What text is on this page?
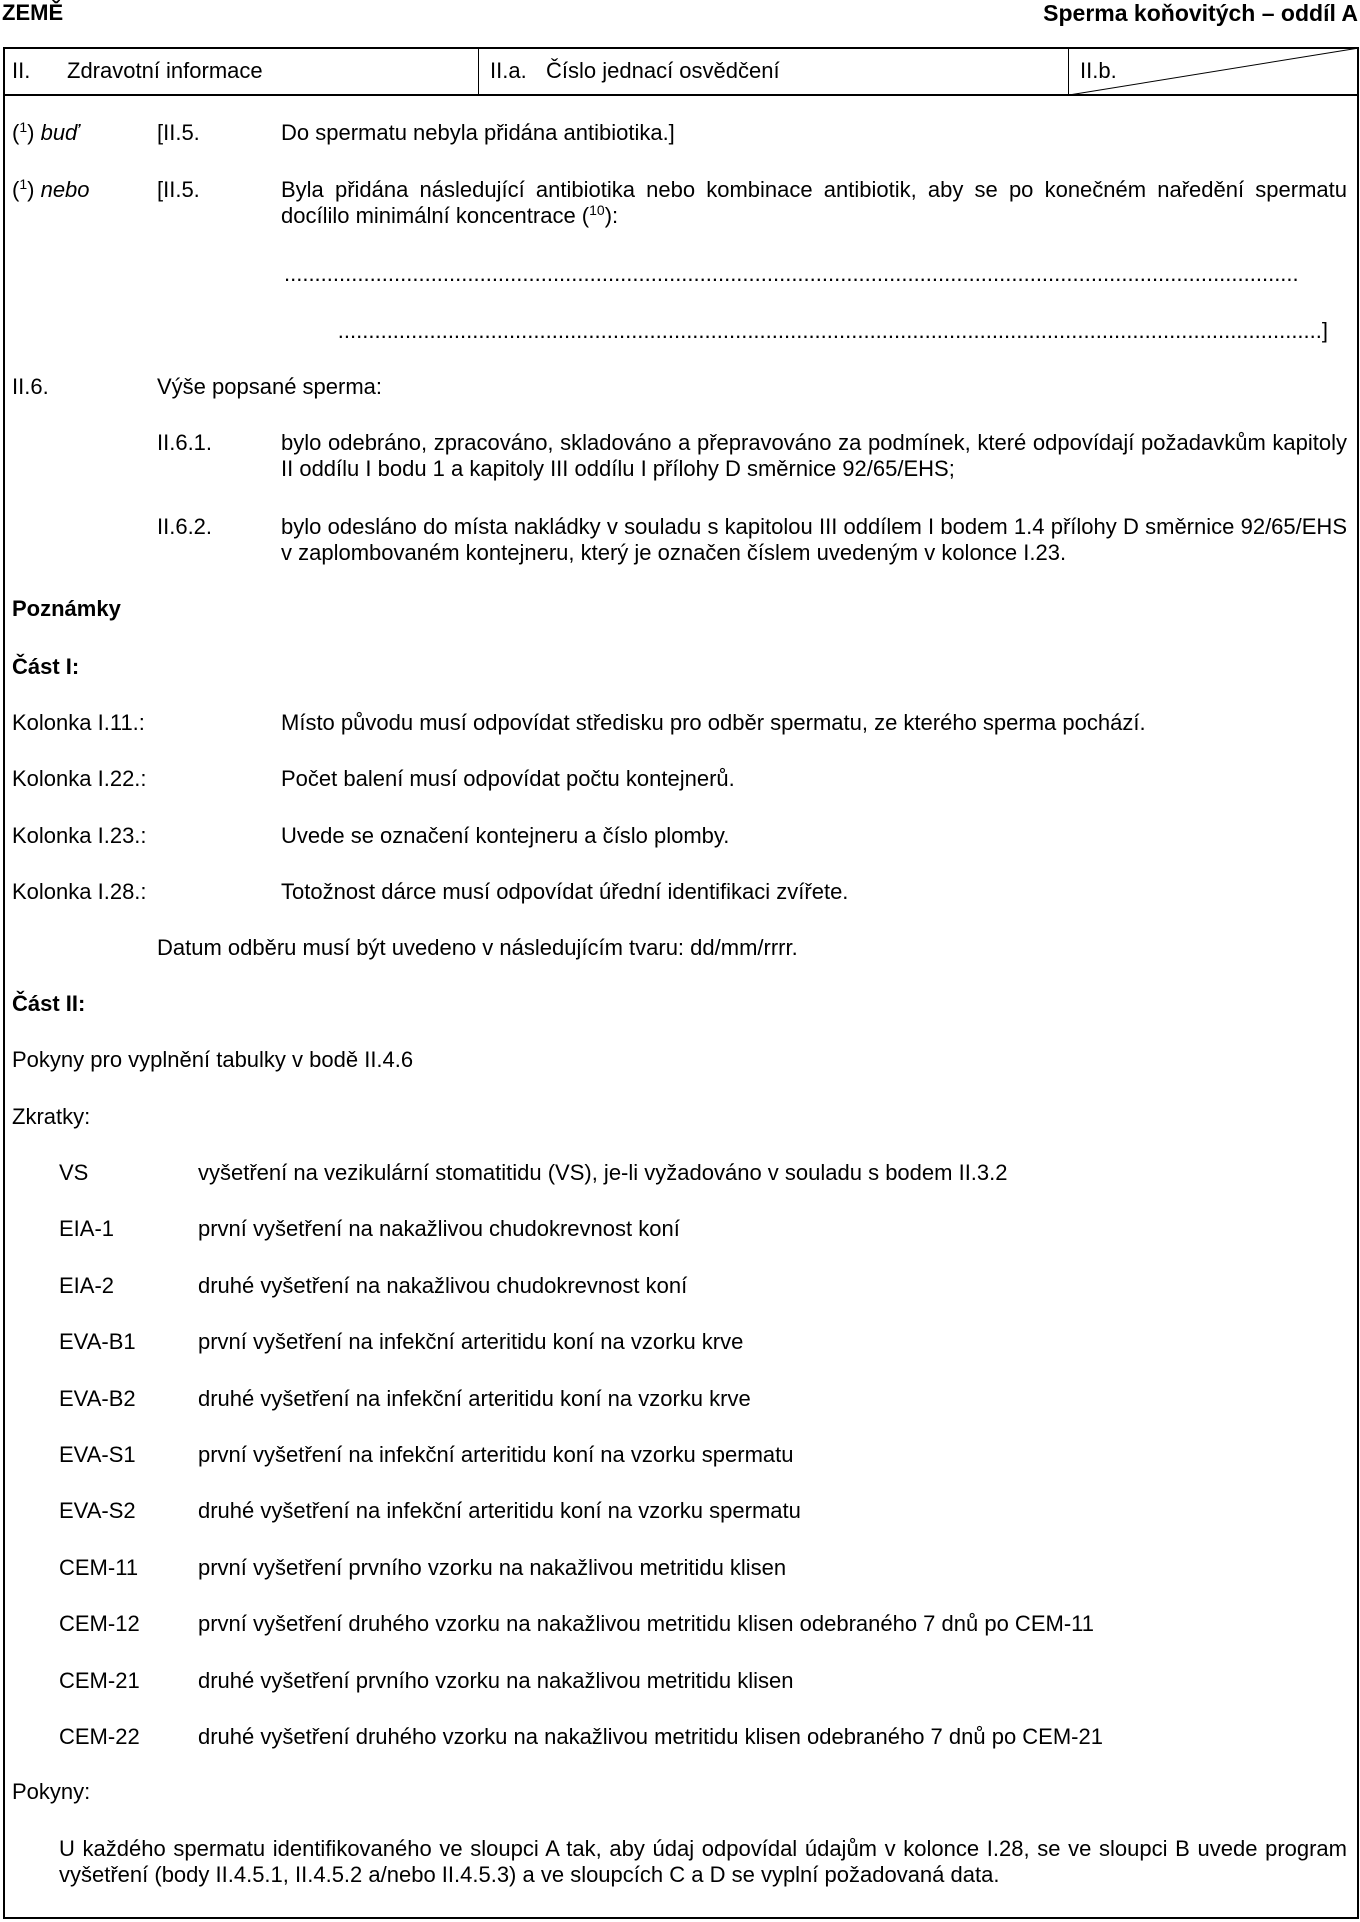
ZEMĚ	Sperma koňovitých – oddíl A
II. Zdravotní informace	II.a. Číslo jednací osvědčení	II.b.
($^1$) buď	[II.5.	Do spermatu nebyla přidána antibiotika.]
($^1$) nebo	[II.5.	Byla přidána následující antibiotika nebo kombinace antibiotik, aby se po konečném naředění spermatu docílilo minimální koncentrace ($^{10}$):
......................................................................................................................................................................
.................................................................................................................................................................]
II.6.	Výše popsané sperma:
II.6.1.	bylo odebráno, zpracováno, skladováno a přepravováno za podmínek, které odpovídají požadavkům kapitoly II oddílu I bodu 1 a kapitoly III oddílu I přílohy D směrnice 92/65/EHS;
II.6.2.	bylo odesláno do místa nakládky v souladu s kapitolou III oddílem I bodem 1.4 přílohy D směrnice 92/65/EHS v zaplombovaném kontejneru, který je označen číslem uvedeným v kolonce I.23.
Poznámky
Část I:
Kolonka I.11.:	Místo původu musí odpovídat středisku pro odběr spermatu, ze kterého sperma pochází.
Kolonka I.22.:	Počet balení musí odpovídat počtu kontejnerů.
Kolonka I.23.:	Uvede se označení kontejneru a číslo plomby.
Kolonka I.28.:	Totožnost dárce musí odpovídat úřední identifikaci zvířete.
Datum odběru musí být uvedeno v následujícím tvaru: dd/mm/rrrr.
Část II:
Pokyny pro vyplnění tabulky v bodě II.4.6
Zkratky:
VS	vyšetření na vezikulární stomatitidu (VS), je-li vyžadováno v souladu s bodem II.3.2
EIA-1	první vyšetření na nakažlivou chudokrevnost koní
EIA-2	druhé vyšetření na nakažlivou chudokrevnost koní
EVA-B1	první vyšetření na infekční arteritidu koní na vzorku krve
EVA-B2	druhé vyšetření na infekční arteritidu koní na vzorku krve
EVA-S1	první vyšetření na infekční arteritidu koní na vzorku spermatu
EVA-S2	druhé vyšetření na infekční arteritidu koní na vzorku spermatu
CEM-11	první vyšetření prvního vzorku na nakažlivou metritidu klisen
CEM-12	první vyšetření druhého vzorku na nakažlivou metritidu klisen odebraného 7 dnů po CEM-11
CEM-21	druhé vyšetření prvního vzorku na nakažlivou metritidu klisen
CEM-22	druhé vyšetření druhého vzorku na nakažlivou metritidu klisen odebraného 7 dnů po CEM-21
Pokyny:
U každého spermatu identifikovaného ve sloupci A tak, aby údaj odpovídal údajům v kolonce I.28, se ve sloupci B uvede program vyšetření (body II.4.5.1, II.4.5.2 a/nebo II.4.5.3) a ve sloupcích C a D se vyplní požadovaná data.
